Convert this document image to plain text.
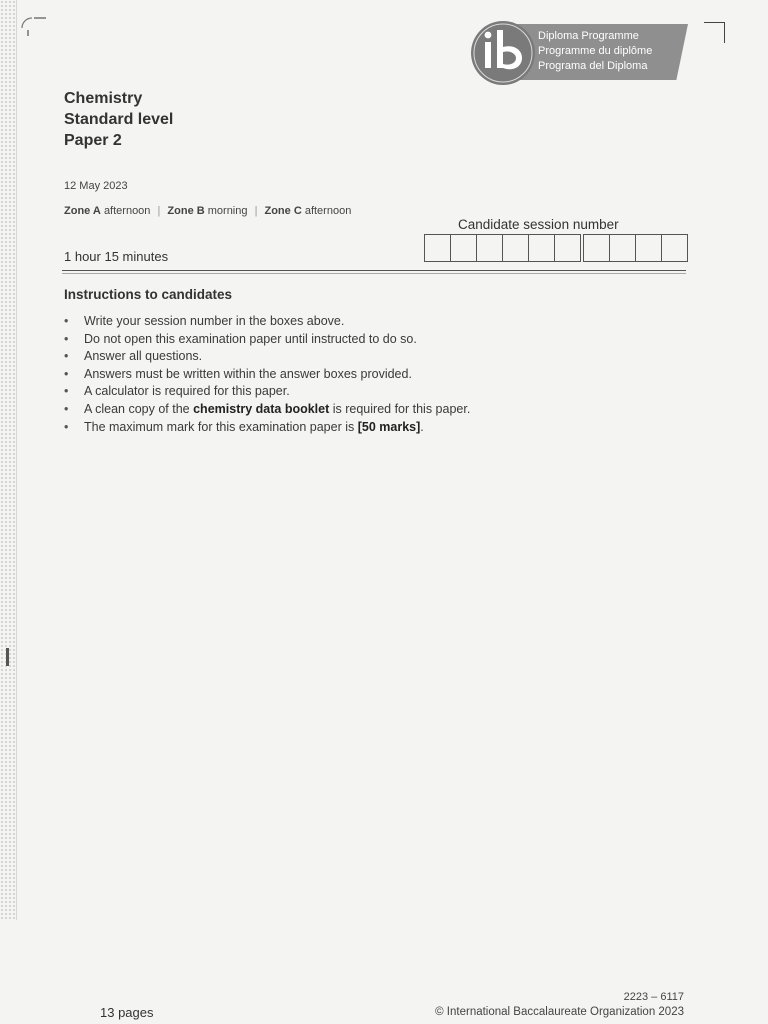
Diploma Programme
Programme du diplôme
Programa del Diploma
Chemistry
Standard level
Paper 2
12 May 2023
Zone A afternoon | Zone B morning | Zone C afternoon
1 hour 15 minutes
Candidate session number
Instructions to candidates
• Write your session number in the boxes above.
• Do not open this examination paper until instructed to do so.
• Answer all questions.
• Answers must be written within the answer boxes provided.
• A calculator is required for this paper.
• A clean copy of the chemistry data booklet is required for this paper.
• The maximum mark for this examination paper is [50 marks].
13 pages
2223 – 6117
© International Baccalaureate Organization 2023
